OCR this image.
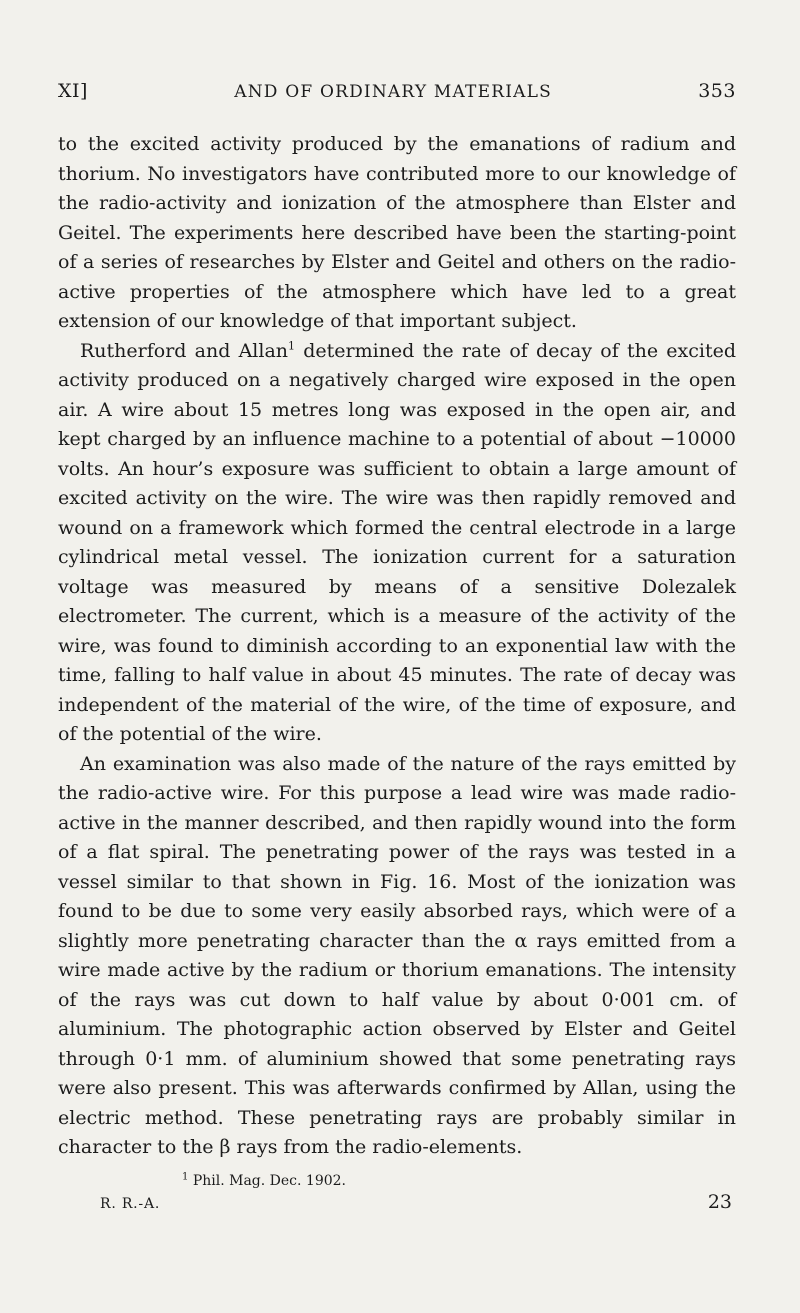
XI]	AND OF ORDINARY MATERIALS	353

to the excited activity produced by the emanations of radium and thorium. No investigators have contributed more to our knowledge of the radio-activity and ionization of the atmosphere than Elster and Geitel. The experiments here described have been the starting-point of a series of researches by Elster and Geitel and others on the radio-active properties of the atmosphere which have led to a great extension of our knowledge of that important subject.

Rutherford and Allan$^1$ determined the rate of decay of the excited activity produced on a negatively charged wire exposed in the open air. A wire about 15 metres long was exposed in the open air, and kept charged by an influence machine to a potential of about −10000 volts. An hour’s exposure was sufficient to obtain a large amount of excited activity on the wire. The wire was then rapidly removed and wound on a framework which formed the central electrode in a large cylindrical metal vessel. The ionization current for a saturation voltage was measured by means of a sensitive Dolezalek electrometer. The current, which is a measure of the activity of the wire, was found to diminish according to an exponential law with the time, falling to half value in about 45 minutes. The rate of decay was independent of the material of the wire, of the time of exposure, and of the potential of the wire.

An examination was also made of the nature of the rays emitted by the radio-active wire. For this purpose a lead wire was made radio-active in the manner described, and then rapidly wound into the form of a flat spiral. The penetrating power of the rays was tested in a vessel similar to that shown in Fig. 16. Most of the ionization was found to be due to some very easily absorbed rays, which were of a slightly more penetrating character than the α rays emitted from a wire made active by the radium or thorium emanations. The intensity of the rays was cut down to half value by about 0·001 cm. of aluminium. The photographic action observed by Elster and Geitel through 0·1 mm. of aluminium showed that some penetrating rays were also present. This was afterwards confirmed by Allan, using the electric method. These penetrating rays are probably similar in character to the β rays from the radio-elements.

$^1$ Phil. Mag. Dec. 1902.
R. R.-A.	23
